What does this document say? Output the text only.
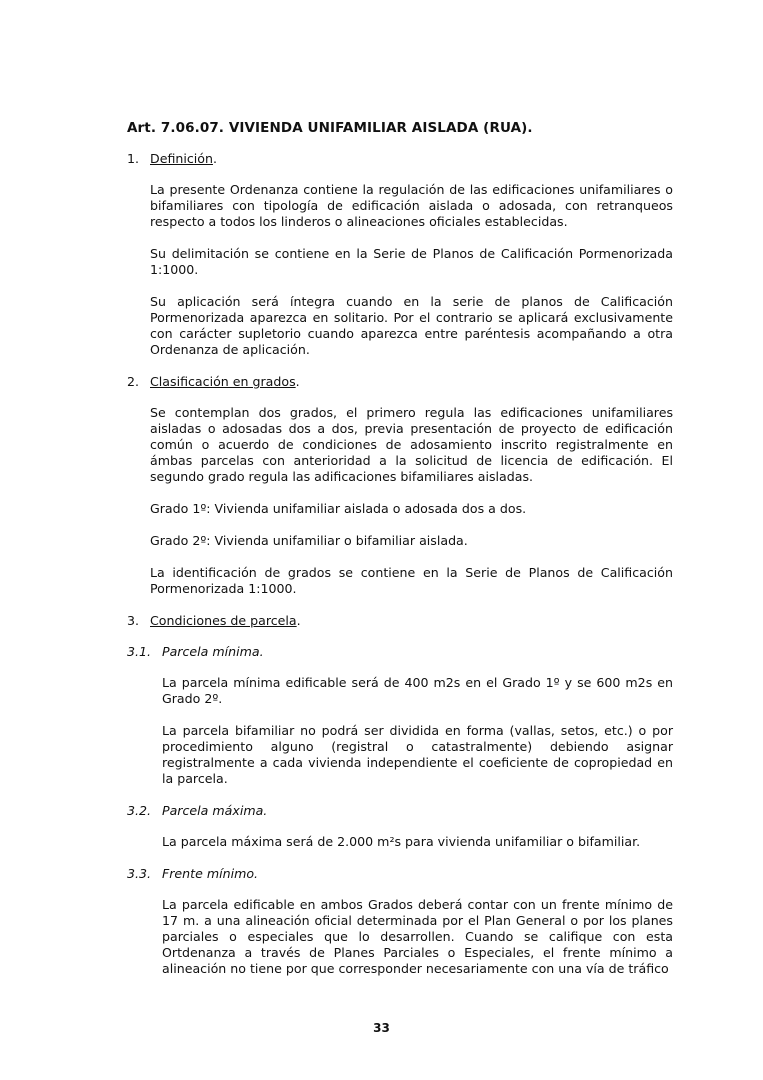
Art. 7.06.07. VIVIENDA UNIFAMILIAR AISLADA (RUA).
1. Definición.

La presente Ordenanza contiene la regulación de las edificaciones unifamiliares o bifamiliares con tipología de edificación aislada o adosada, con retranqueos respecto a todos los linderos o alineaciones oficiales establecidas.

Su delimitación se contiene en la Serie de Planos de Calificación Pormenorizada 1:1000.

Su aplicación será íntegra cuando en la serie de planos de Calificación Pormenorizada aparezca en solitario. Por el contrario se aplicará exclusivamente con carácter supletorio cuando aparezca entre paréntesis acompañando a otra Ordenanza de aplicación.

2. Clasificación en grados.

Se contemplan dos grados, el primero regula las edificaciones unifamiliares aisladas o adosadas dos a dos, previa presentación de proyecto de edificación común o acuerdo de condiciones de adosamiento inscrito registralmente en ámbas parcelas con anterioridad a la solicitud de licencia de edificación. El segundo grado regula las adificaciones bifamiliares aisladas.

Grado 1º: Vivienda unifamiliar aislada o adosada dos a dos.

Grado 2º: Vivienda unifamiliar o bifamiliar aislada.

La identificación de grados se contiene en la Serie de Planos de Calificación Pormenorizada 1:1000.

3. Condiciones de parcela.
3.1. Parcela mínima.

La parcela mínima edificable será de 400 m2s en el Grado 1º y se 600 m2s en Grado 2º.

La parcela bifamiliar no podrá ser dividida en forma (vallas, setos, etc.) o por procedimiento alguno (registral o catastralmente) debiendo asignar registralmente a cada vivienda independiente el coeficiente de copropiedad en la parcela.

3.2. Parcela máxima.

La parcela máxima será de 2.000 m²s para vivienda unifamiliar o bifamiliar.

3.3. Frente mínimo.

La parcela edificable en ambos Grados deberá contar con un frente mínimo de 17 m. a una alineación oficial determinada por el Plan General o por los planes parciales o especiales que lo desarrollen. Cuando se califique con esta Ortdenanza a través de Planes Parciales o Especiales, el frente mínimo a alineación no tiene por que corresponder necesariamente con una vía de tráfico

33
